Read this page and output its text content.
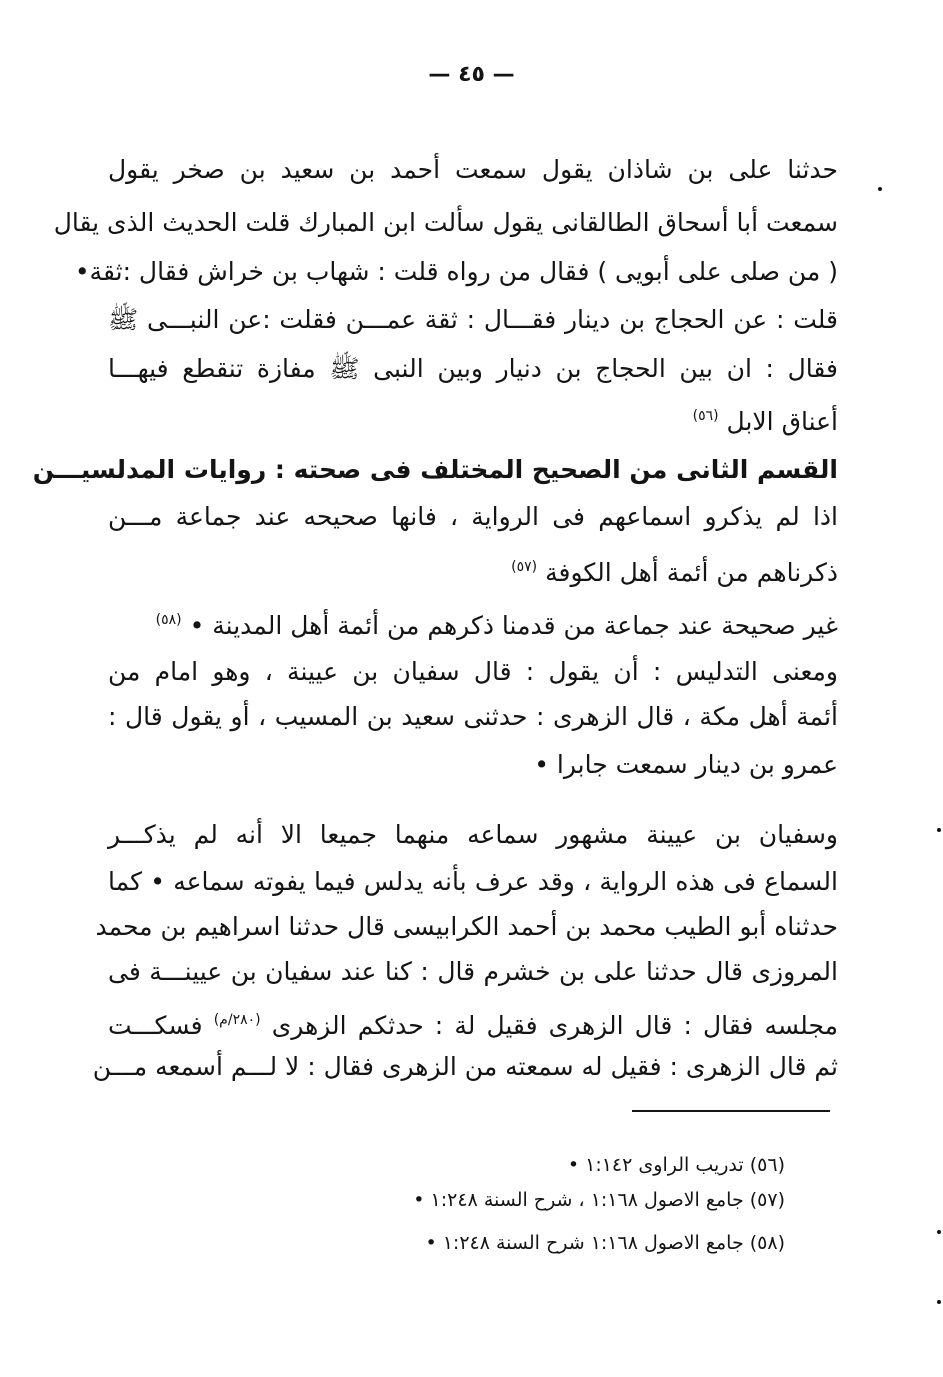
— ٤٥ —
حدثنا على بن شاذان يقول سمعت أحمد بن سعيد بن صخر يقول
سمعت أبا أسحاق الطالقانى يقول سألت ابن المبارك قلت الحديث الذى يقال
( من صلى على أبويى ) فقال من رواه قلت : شهاب بن خراش فقال :ثقة•
قلت : عن الحجاج بن دينار فقـــال : ثقة عمـــن فقلت :عن النبـــى ﷺ
فقال : ان بين الحجاج بن دنيار وبين النبى ﷺ مفازة تنقطع فيهـــا
أعناق الابل $^{(٥٦)}$
القسم الثانى من الصحيح المختلف فى صحته : روايات المدلسيـــن
اذا لم يذكرو اسماعهم فى الرواية ، فانها صحيحه عند جماعة مـــن
ذكرناهم من أئمة أهل الكوفة $^{(٥٧)}$
غير صحيحة عند جماعة من قدمنا ذكرهم من أئمة أهل المدينة • $^{(٥٨)}$
ومعنى التدليس : أن يقول : قال سفيان بن عيينة ، وهو امام من
أئمة أهل مكة ، قال الزهرى : حدثنى سعيد بن المسيب ، أو يقول قال :
عمرو بن دينار سمعت جابرا •
وسفيان بن عيينة مشهور سماعه منهما جميعا الا أنه لم يذكـــر
السماع فى هذه الرواية ، وقد عرف بأنه يدلس فيما يفوته سماعه • كما
حدثناه أبو الطيب محمد بن أحمد الكرابيسى قال حدثنا اسراهيم بن محمد
المروزى قال حدثنا على بن خشرم قال : كنا عند سفيان بن عيينـــة فى
مجلسه فقال : قال الزهرى فقيل لة : حدثكم الزهرى $^{(٢٨٠/م)}$ فسكـــت
ثم قال الزهرى : فقيل له سمعته من الزهرى فقال : لا لـــم أسمعه مـــن
(٥٦) تدريب الراوى ١:١٤٢ •
(٥٧) جامع الاصول ١:١٦٨ ، شرح السنة ١:٢٤٨ •
(٥٨) جامع الاصول ١:١٦٨ شرح السنة ١:٢٤٨ •
